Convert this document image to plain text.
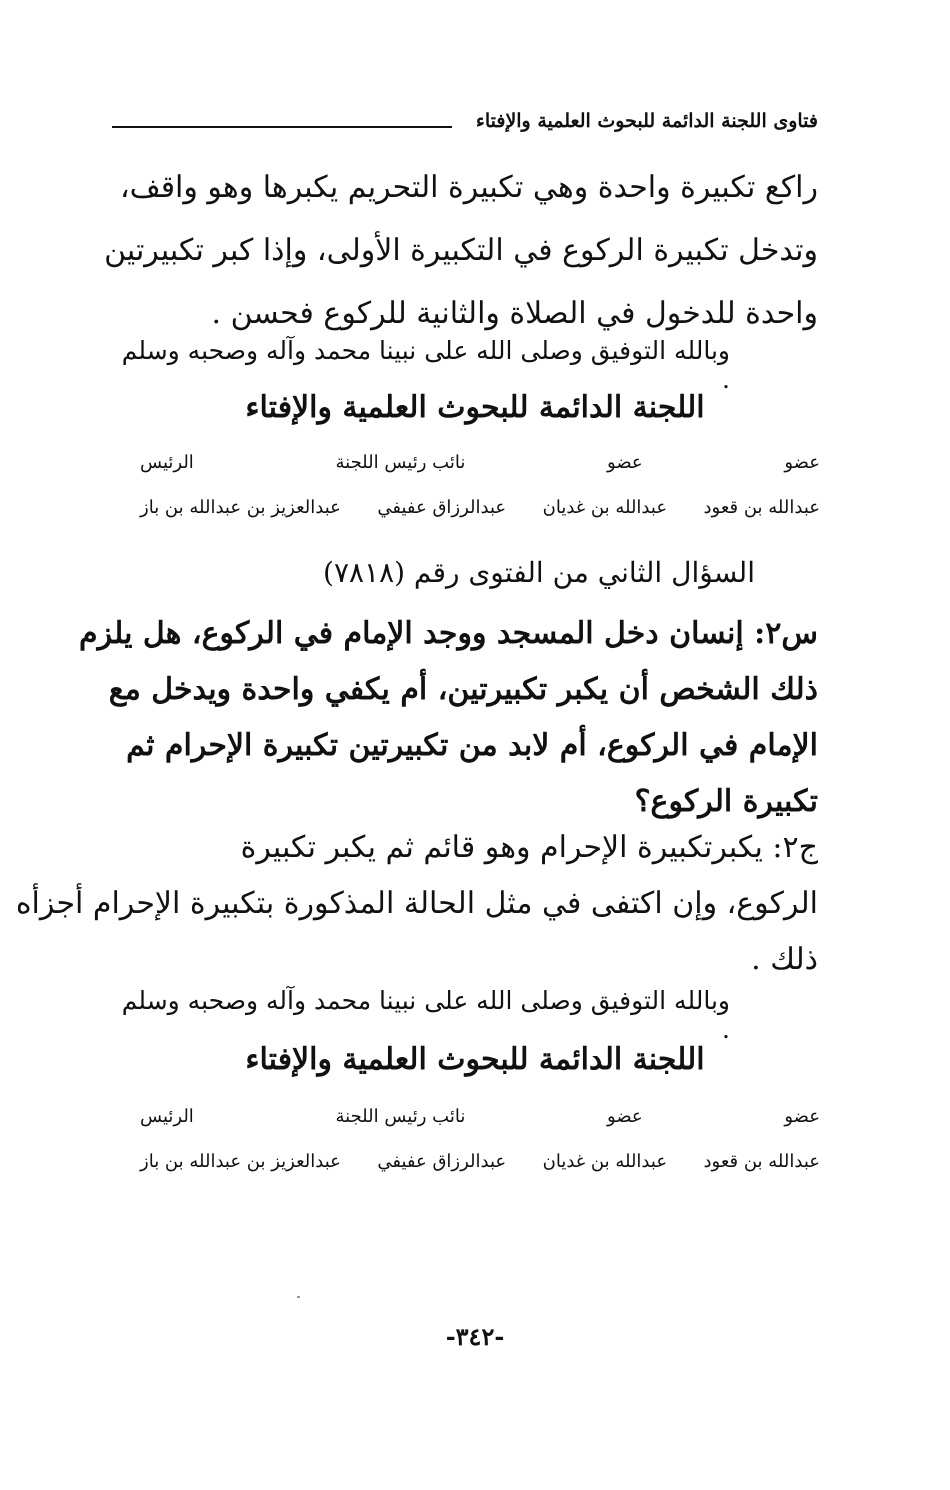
فتاوى اللجنة الدائمة للبحوث العلمية والإفتاء
راكع تكبيرة واحدة وهي تكبيرة التحريم يكبرها وهو واقف،
وتدخل تكبيرة الركوع في التكبيرة الأولى، وإذا كبر تكبيرتين
واحدة للدخول في الصلاة والثانية للركوع فحسن .
وبالله التوفيق وصلى الله على نبينا محمد وآله وصحبه وسلم .
اللجنة الدائمة للبحوث العلمية والإفتاء
عضو
عضو
نائب رئيس اللجنة
الرئيس
عبدالله بن قعود
عبدالله بن غديان
عبدالرزاق عفيفي
عبدالعزيز بن عبدالله بن باز
السؤال الثاني من الفتوى رقم (٧٨١٨)
س٢: إنسان دخل المسجد ووجد الإمام في الركوع، هل يلزم
ذلك الشخص أن يكبر تكبيرتين، أم يكفي واحدة ويدخل مع
الإمام في الركوع، أم لابد من تكبيرتين تكبيرة الإحرام ثم
تكبيرة الركوع؟
ج٢: يكبرتكبيرة الإحرام وهو قائم ثم يكبر تكبيرة
الركوع، وإن اكتفى في مثل الحالة المذكورة بتكبيرة الإحرام أجزأه
ذلك .
وبالله التوفيق وصلى الله على نبينا محمد وآله وصحبه وسلم .
اللجنة الدائمة للبحوث العلمية والإفتاء
عضو
عضو
نائب رئيس اللجنة
الرئيس
عبدالله بن قعود
عبدالله بن غديان
عبدالرزاق عفيفي
عبدالعزيز بن عبدالله بن باز
-٣٤٢-
